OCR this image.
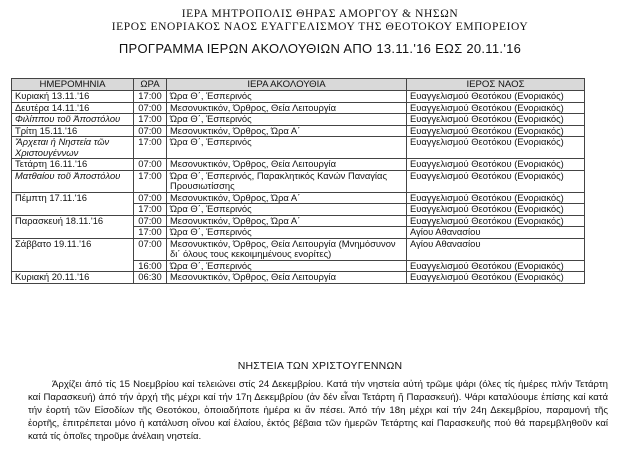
ΙΕΡΑ ΜΗΤΡΟΠΟΛΙΣ ΘΗΡΑΣ ΑΜΟΡΓΟΥ & ΝΗΣΩΝ
ΙΕΡΟΣ ΕΝΟΡΙΑΚΟΣ ΝΑΟΣ ΕΥΑΓΓΕΛΙΣΜΟΥ ΤΗΣ ΘΕΟΤΟΚΟΥ ΕΜΠΟΡΕΙΟΥ
ΠΡΟΓΡΑΜΜΑ ΙΕΡΩΝ ΑΚΟΛΟΥΘΙΩΝ ΑΠΟ 13.11.'16 ΕΩΣ 20.11.'16
ΗΜΕΡΟΜΗΝΙΑ	ΩΡΑ	ΙΕΡΑ ΑΚΟΛΟΥΘΙΑ	ΙΕΡΟΣ ΝΑΟΣ
Κυριακή 13.11.'16	17:00	Ώρα Θ΄, Έσπερινός	Ευαγγελισμού Θεοτόκου (Ενοριακός)
Δευτέρα 14.11.'16	07:00	Μεσονυκτικόν, Όρθρος, Θεία Λειτουργία	Ευαγγελισμού Θεοτόκου (Ενοριακός)
Φιλίππου τοῦ Ἀποστόλου	17:00	Ώρα Θ΄, Έσπερινός	Ευαγγελισμού Θεοτόκου (Ενοριακός)
Τρίτη 15.11.'16	07:00	Μεσονυκτικόν, Όρθρος, Ώρα Α΄	Ευαγγελισμού Θεοτόκου (Ενοριακός)
Ἄρχεται ἡ Νηστεία τῶν Χριστουγέννων	17:00	Ώρα Θ΄, Έσπερινός	Ευαγγελισμού Θεοτόκου (Ενοριακός)
Τετάρτη 16.11.'16	07:00	Μεσονυκτικόν, Όρθρος, Θεία Λειτουργία	Ευαγγελισμού Θεοτόκου (Ενοριακός)
Ματθαίου τοῦ Ἀποστόλου	17:00	Ώρα Θ΄, Έσπερινός, Παρακλητικός Κανών Παναγίας Προυσιωτίσσης	Ευαγγελισμού Θεοτόκου (Ενοριακός)
Πέμπτη 17.11.'16	07:00	Μεσονυκτικόν, Όρθρος, Ώρα Α΄	Ευαγγελισμού Θεοτόκου (Ενοριακός)
	17:00	Ώρα Θ΄, Έσπερινός	Ευαγγελισμού Θεοτόκου (Ενοριακός)
Παρασκευή 18.11.'16	07:00	Μεσονυκτικόν, Όρθρος, Ώρα Α΄	Ευαγγελισμού Θεοτόκου (Ενοριακός)
	17:00	Ώρα Θ΄, Έσπερινός	Αγίου Αθανασίου
Σάββατο 19.11.'16	07:00	Μεσονυκτικόν, Όρθρος, Θεία Λειτουργία (Μνημόσυνον δι΄ όλους τους κεκοιμημένους ενορίτες)	Αγίου Αθανασίου
	16:00	Ώρα Θ΄, Έσπερινός	Ευαγγελισμού Θεοτόκου (Ενοριακός)
Κυριακή 20.11.'16	06:30	Μεσονυκτικόν, Όρθρος, Θεία Λειτουργία	Ευαγγελισμού Θεοτόκου (Ενοριακός)
ΝΗΣΤΕΙΑ ΤΩΝ ΧΡΙΣΤΟΥΓΕΝΝΩΝ

Άρχίζει άπό τίς 15 Νοεμβρίου καί τελειώνει στίς 24 Δεκεμβρίου. Κατά τήν νηστεία αὐτή τρῶμε ψάρι (όλες τίς ἡμέρες πλήν Τετάρτη καί Παρασκευή) άπό τήν ἀρχή τῆς μέχρι καί τήν 17η Δεκεμβρίου (ἀν δέν εἶναι Τετάρτη ἤ Παρασκευή). Ψάρι καταλύουμε ἐπίσης καί κατά τήν ἑορτή τῶν Εἰσοδίων τῆς Θεοτόκου, ὁποιαδήποτε ἡμέρα κι ἄν πέσει. Άπό τήν 18η μέχρι καί τήν 24η Δεκεμβρίου, παραμονή τῆς ἑορτῆς, ἐπιτρέπεται μόνο ἡ κατάλυση οἴνου καί ἐλαίου, ἐκτός βέβαια τῶν ἡμερῶν Τετάρτης καί Παρασκευῆς πού θά παρεμβληθοῦν καί κατά τίς ὁποῖες τηροῦμε ἀνέλαιη νηστεία.
